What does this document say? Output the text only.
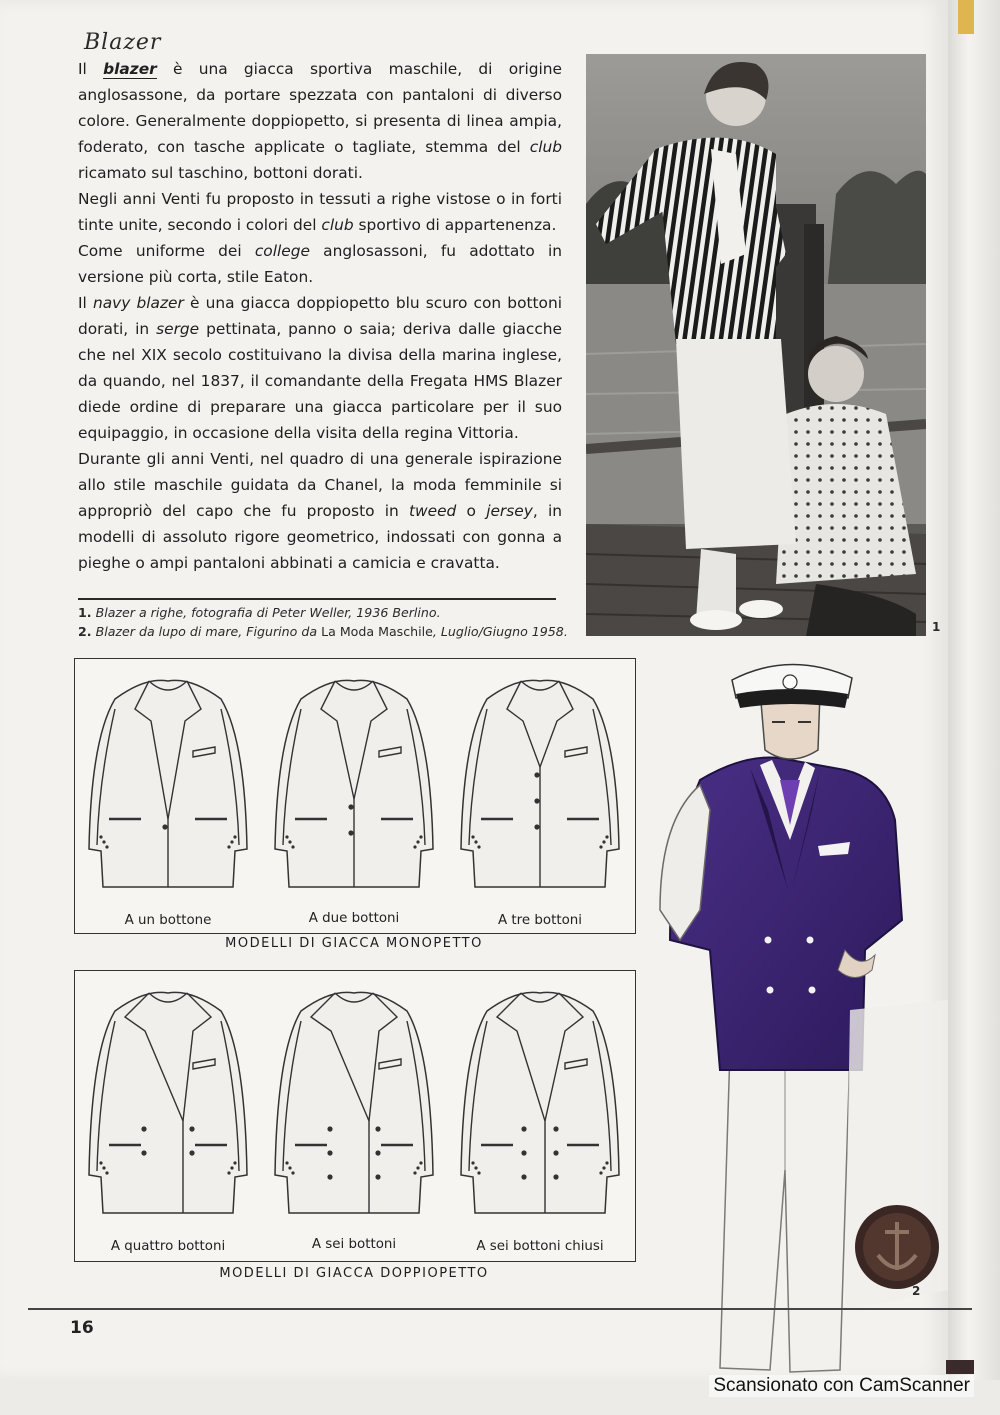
Blazer

Il blazer è una giacca sportiva maschile, di origine anglosassone, da portare spezzata con pantaloni di diverso colore. Generalmente doppiopetto, si presenta di linea ampia, foderato, con tasche applicate o tagliate, stemma del club ricamato sul taschino, bottoni dorati.

Negli anni Venti fu proposto in tessuti a righe vistose o in forti tinte unite, secondo i colori del club sportivo di appartenenza.

Come uniforme dei college anglosassoni, fu adottato in versione più corta, stile Eaton.

Il navy blazer è una giacca doppiopetto blu scuro con bottoni dorati, in serge pettinata, panno o saia; deriva dalle giacche che nel XIX secolo costituivano la divisa della marina inglese, da quando, nel 1837, il comandante della Fregata HMS Blazer diede ordine di preparare una giacca particolare per il suo equipaggio, in occasione della visita della regina Vittoria.

Durante gli anni Venti, nel quadro di una generale ispirazione allo stile maschile guidata da Chanel, la moda femminile si appropriò del capo che fu proposto in tweed o jersey, in modelli di assoluto rigore geometrico, indossati con gonna a pieghe o ampi pantaloni abbinati a camicia e cravatta.

1
1. Blazer a righe, fotografia di Peter Weller, 1936 Berlino.
2. Blazer da lupo di mare, Figurino da La Moda Maschile, Luglio/Giugno 1958.
A un bottone	A due bottoni	A tre bottoni
MODELLI DI GIACCA MONOPETTO
A quattro bottoni	A sei bottoni	A sei bottoni chiusi
MODELLI DI GIACCA DOPPIOPETTO
2
16
Scansionato con CamScanner
